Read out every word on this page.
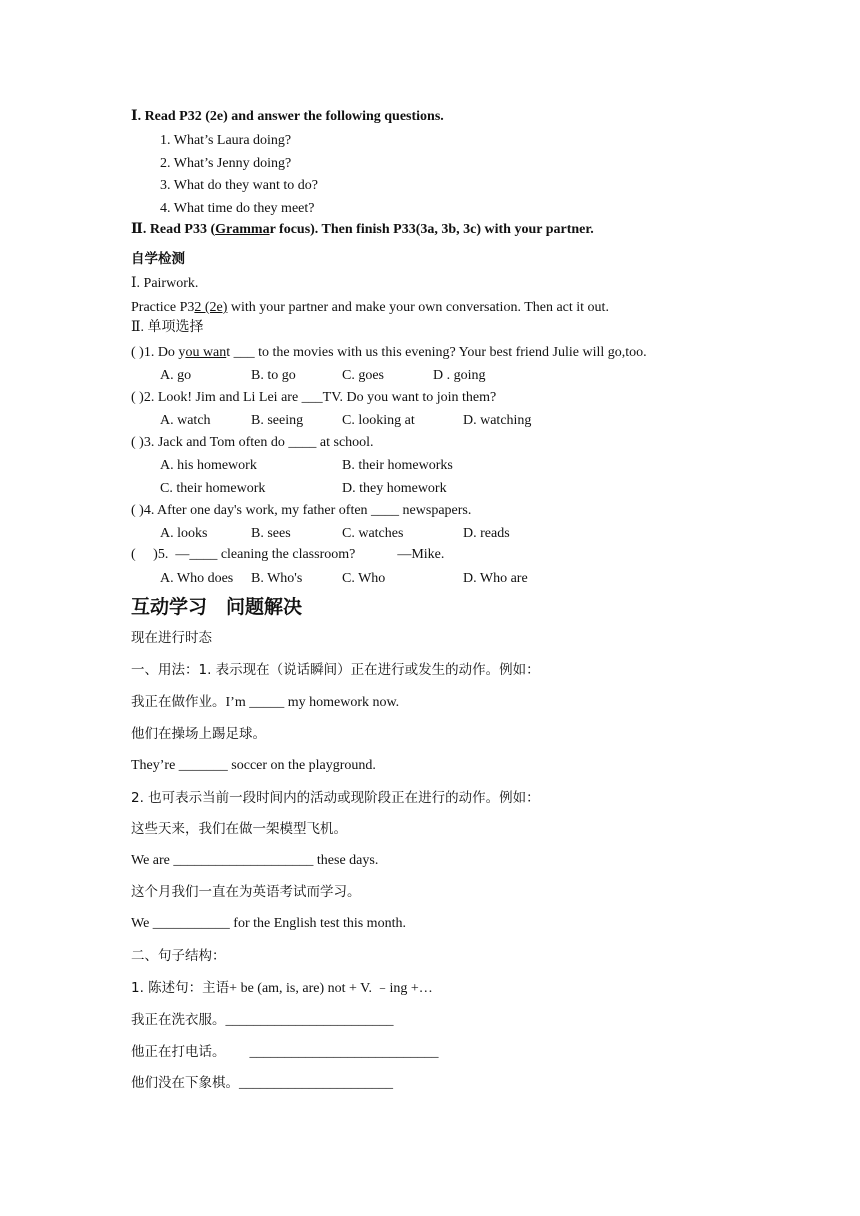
Ⅰ. Read P32 (2e) and answer the following questions.
1. What’s Laura doing?
2. What’s Jenny doing?
3. What do they want to do?
4. What time do they meet?
Ⅱ. Read P33 (Grammar focus). Then finish P33(3a, 3b, 3c) with your partner.
自学检测
Ⅰ. Pairwork.
Practice P32 (2e) with your partner and make your own conversation. Then act it out.
Ⅱ. 单项选择
( )1. Do you want ___ to the movies with us this evening? Your best friend Julie will go,too.
A. go	B. to go	C. goes	D . going
( )2. Look! Jim and Li Lei are ___TV. Do you want to join them?
A. watch	B. seeing	C. looking at	D. watching
( )3. Jack and Tom often do ____ at school.
A. his homework	B. their homeworks
C. their homework	D. they homework
( )4. After one day's work, my father often ____ newspapers.
A. looks	B. sees	C. watches	D. reads
(     )5.  —____ cleaning the classroom?            —Mike.
A. Who does B. Who's	C. Who	D. Who are
互动学习　问题解决
现在进行时态
一、用法：1. 表示现在（说话瞬间）正在进行或发生的动作。例如：
我正在做作业。I’m _____ my homework now.
他们在操场上踢足球。
They’re _______ soccer on the playground.
2. 也可表示当前一段时间内的活动或现阶段正在进行的动作。例如：
这些天来，我们在做一架模型飞机。
We are ____________________ these days.
这个月我们一直在为英语考试而学习。
We ___________ for the English test this month.
二、句子结构：
1. 陈述句：主语+ be (am, is, are) not + V. ﹣ing +…
我正在洗衣服。________________________
他正在打电话。 ___________________________
他们没在下象棋。______________________
